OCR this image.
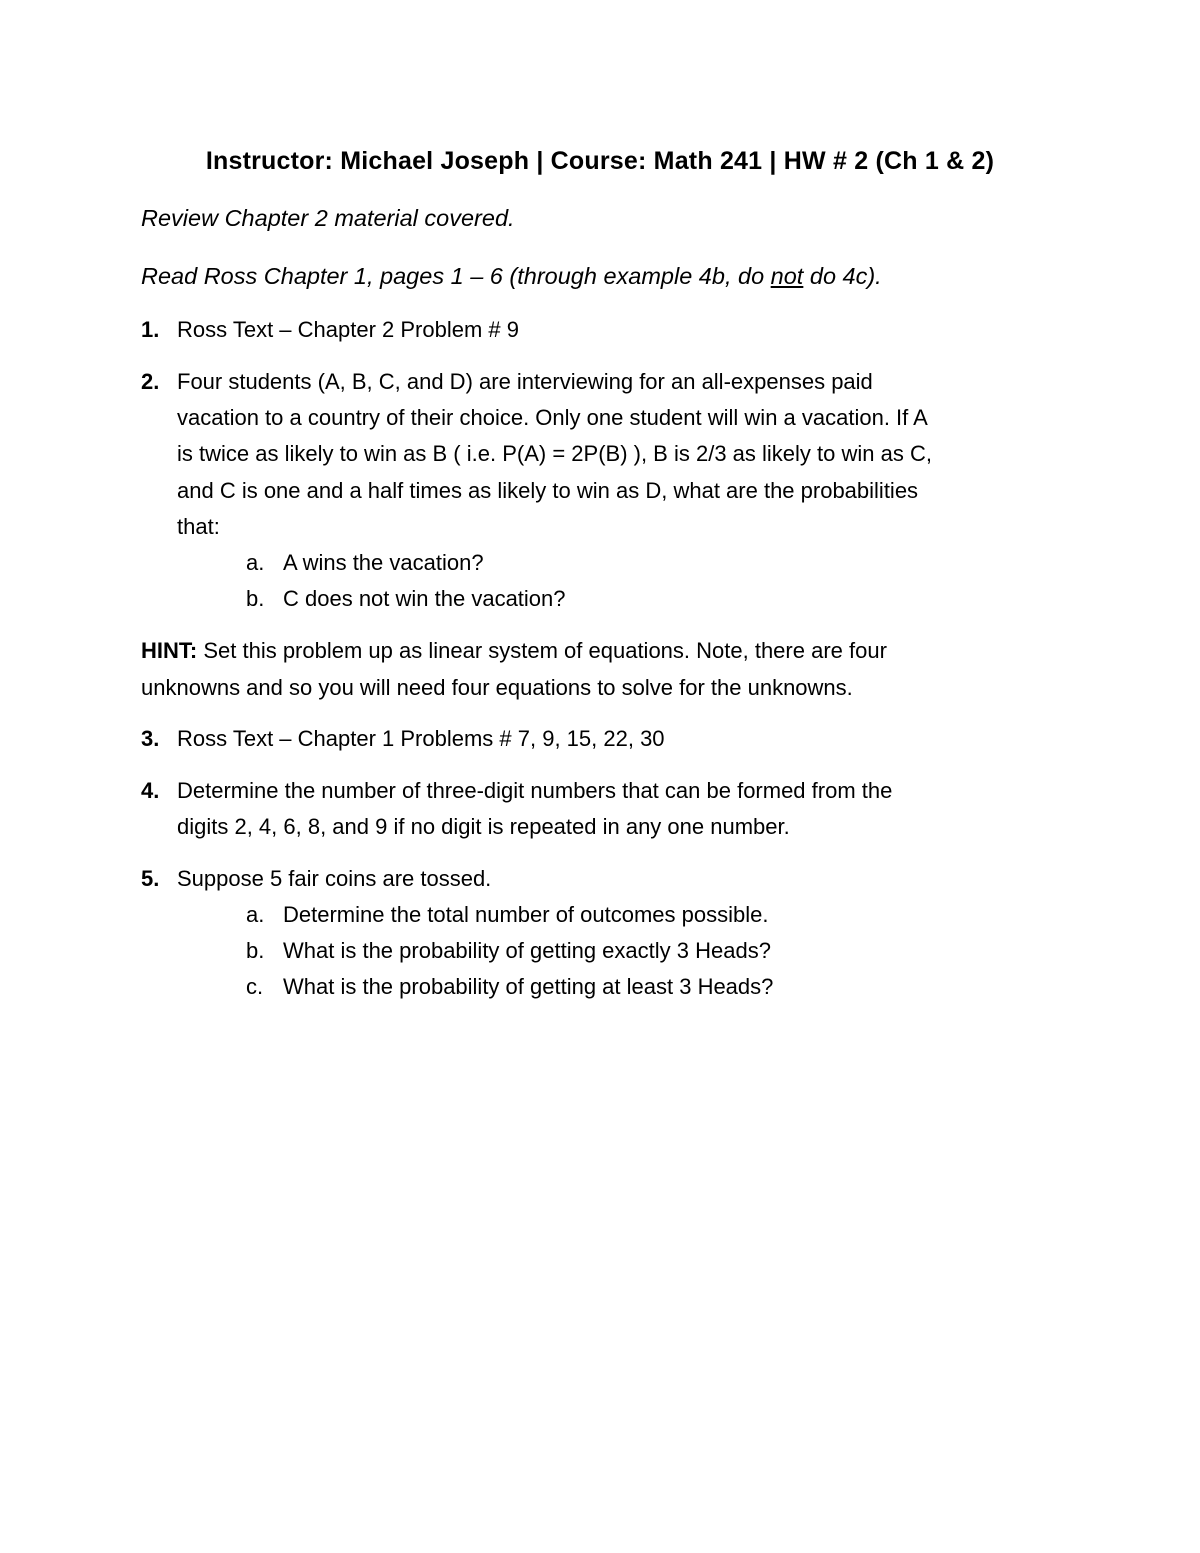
Instructor: Michael Joseph | Course: Math 241 | HW # 2 (Ch 1 & 2)
Review Chapter 2 material covered.
Read Ross Chapter 1, pages 1 – 6 (through example 4b, do not do 4c).
1. Ross Text – Chapter 2 Problem # 9
2. Four students (A, B, C, and D) are interviewing for an all-expenses paid
vacation to a country of their choice. Only one student will win a vacation. If A
is twice as likely to win as B ( i.e. P(A) = 2P(B) ), B is 2/3 as likely to win as C,
and C is one and a half times as likely to win as D, what are the probabilities
that:
a. A wins the vacation?
b. C does not win the vacation?
HINT: Set this problem up as linear system of equations. Note, there are four
unknowns and so you will need four equations to solve for the unknowns.
3. Ross Text – Chapter 1 Problems # 7, 9, 15, 22, 30
4. Determine the number of three-digit numbers that can be formed from the
digits 2, 4, 6, 8, and 9 if no digit is repeated in any one number.
5. Suppose 5 fair coins are tossed.
a. Determine the total number of outcomes possible.
b. What is the probability of getting exactly 3 Heads?
c. What is the probability of getting at least 3 Heads?
